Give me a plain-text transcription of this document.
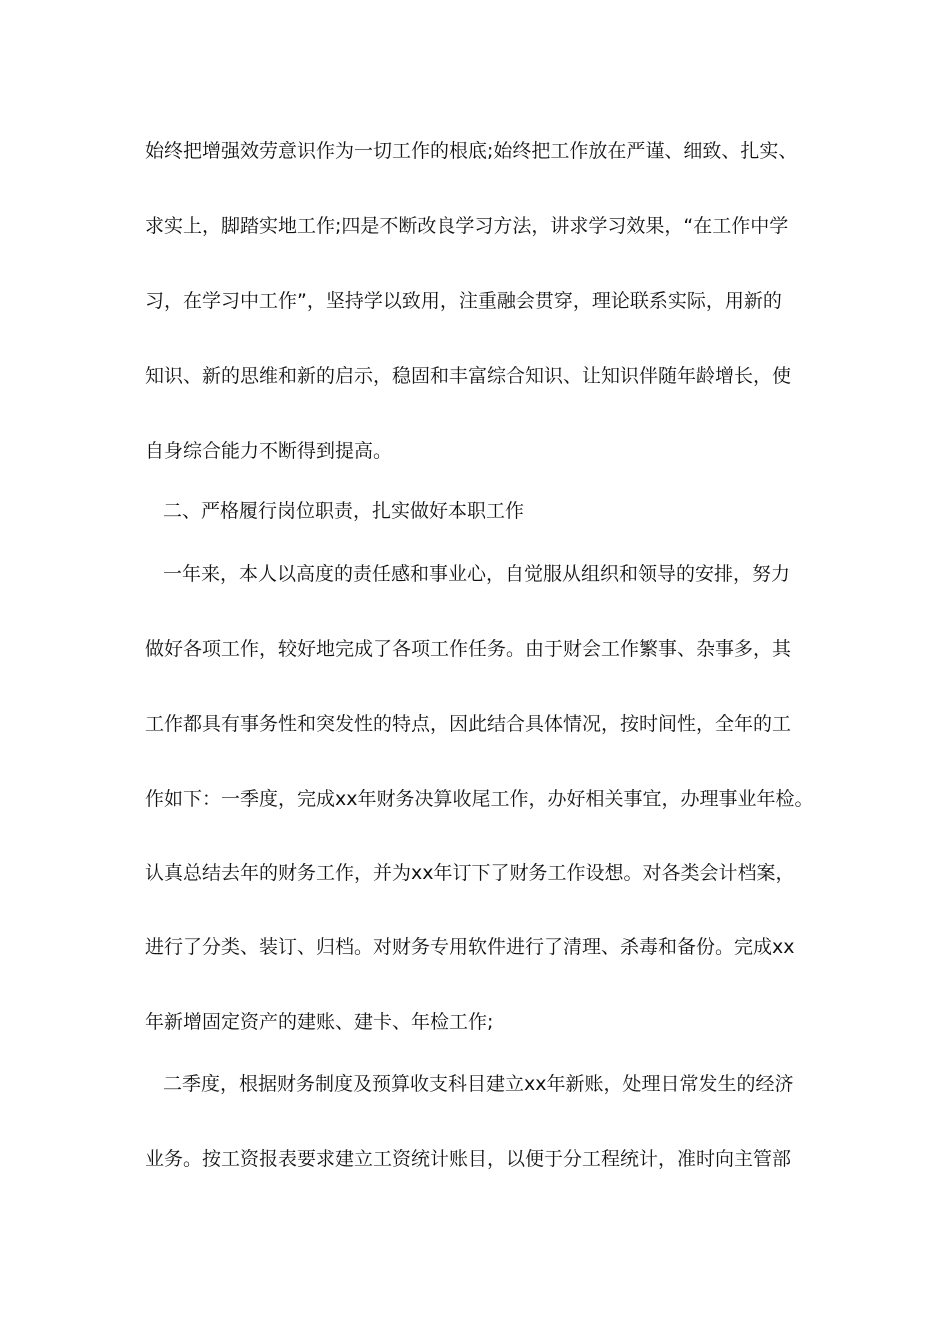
始终把增强效劳意识作为一切工作的根底;始终把工作放在严谨、细致、扎实、

求实上，脚踏实地工作;四是不断改良学习方法，讲求学习效果，“在工作中学

习，在学习中工作”，坚持学以致用，注重融会贯穿，理论联系实际，用新的

知识、新的思维和新的启示，稳固和丰富综合知识、让知识伴随年龄增长，使

自身综合能力不断得到提高。

二、严格履行岗位职责，扎实做好本职工作

一年来，本人以高度的责任感和事业心，自觉服从组织和领导的安排，努力

做好各项工作，较好地完成了各项工作任务。由于财会工作繁事、杂事多，其

工作都具有事务性和突发性的特点，因此结合具体情况，按时间性，全年的工

作如下：一季度，完成xx年财务决算收尾工作，办好相关事宜，办理事业年检。

认真总结去年的财务工作，并为xx年订下了财务工作设想。对各类会计档案，

进行了分类、装订、归档。对财务专用软件进行了清理、杀毒和备份。完成xx

年新增固定资产的建账、建卡、年检工作;

二季度，根据财务制度及预算收支科目建立xx年新账，处理日常发生的经济

业务。按工资报表要求建立工资统计账目，以便于分工程统计，准时向主管部
